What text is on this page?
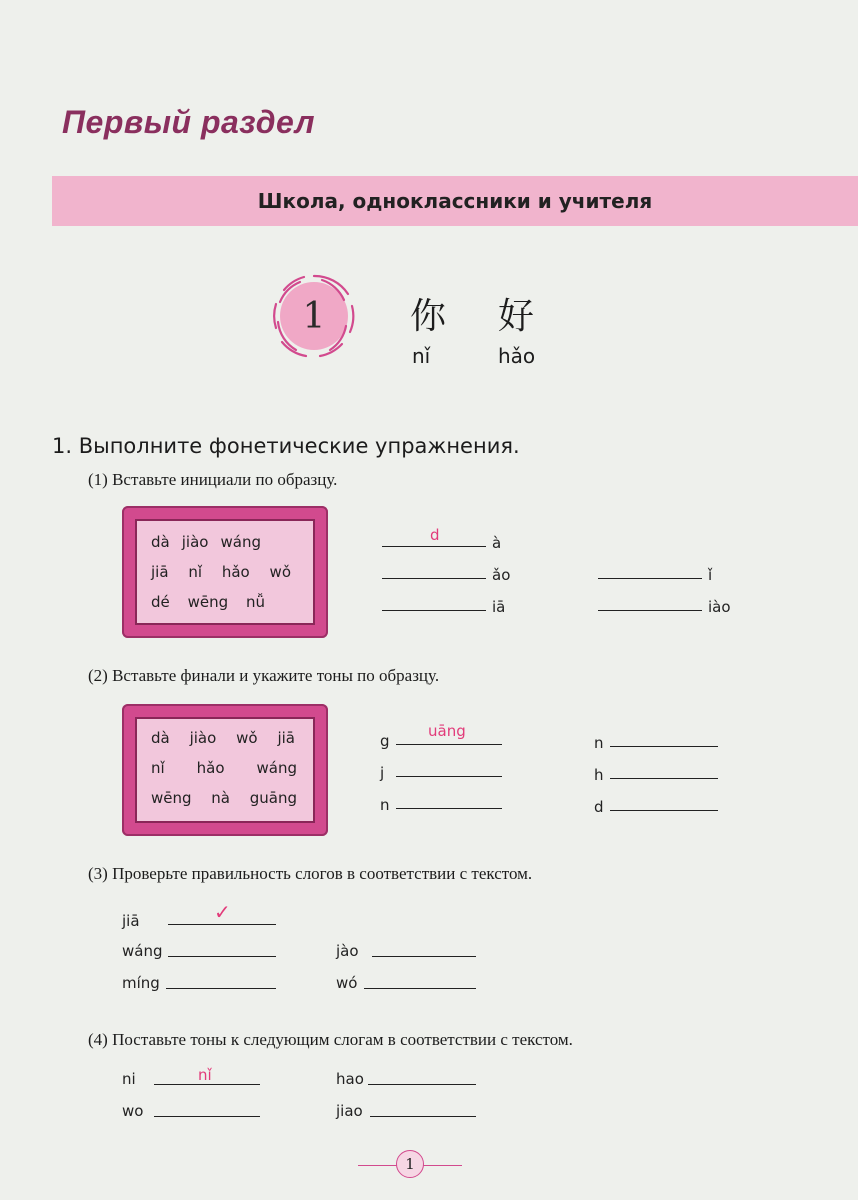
Первый раздел
Школа, одноклассники и учителя
1	你 好
nǐ	hǎo
1. Выполните фонетические упражнения.
(1) Вставьте инициали по образцу.
dà jiào wáng
jiā nǐ hǎo wǒ
dé wēng nǚ
d	à
ǎo
iā
ǐ
iào
(2) Вставьте финали и укажите тоны по образцу.
dà jiào wǒ jiā
nǐ hǎo wáng
wēng nà guāng
g
uāng
j
n
n
h
d
(3) Проверьте правильность слогов в соответствии с текстом.
jiā	✓
wáng
míng
jào
wó
(4) Поставьте тоны к следующим слогам в соответствии с текстом.
ni	nǐ
wo
hao
jiao
1
